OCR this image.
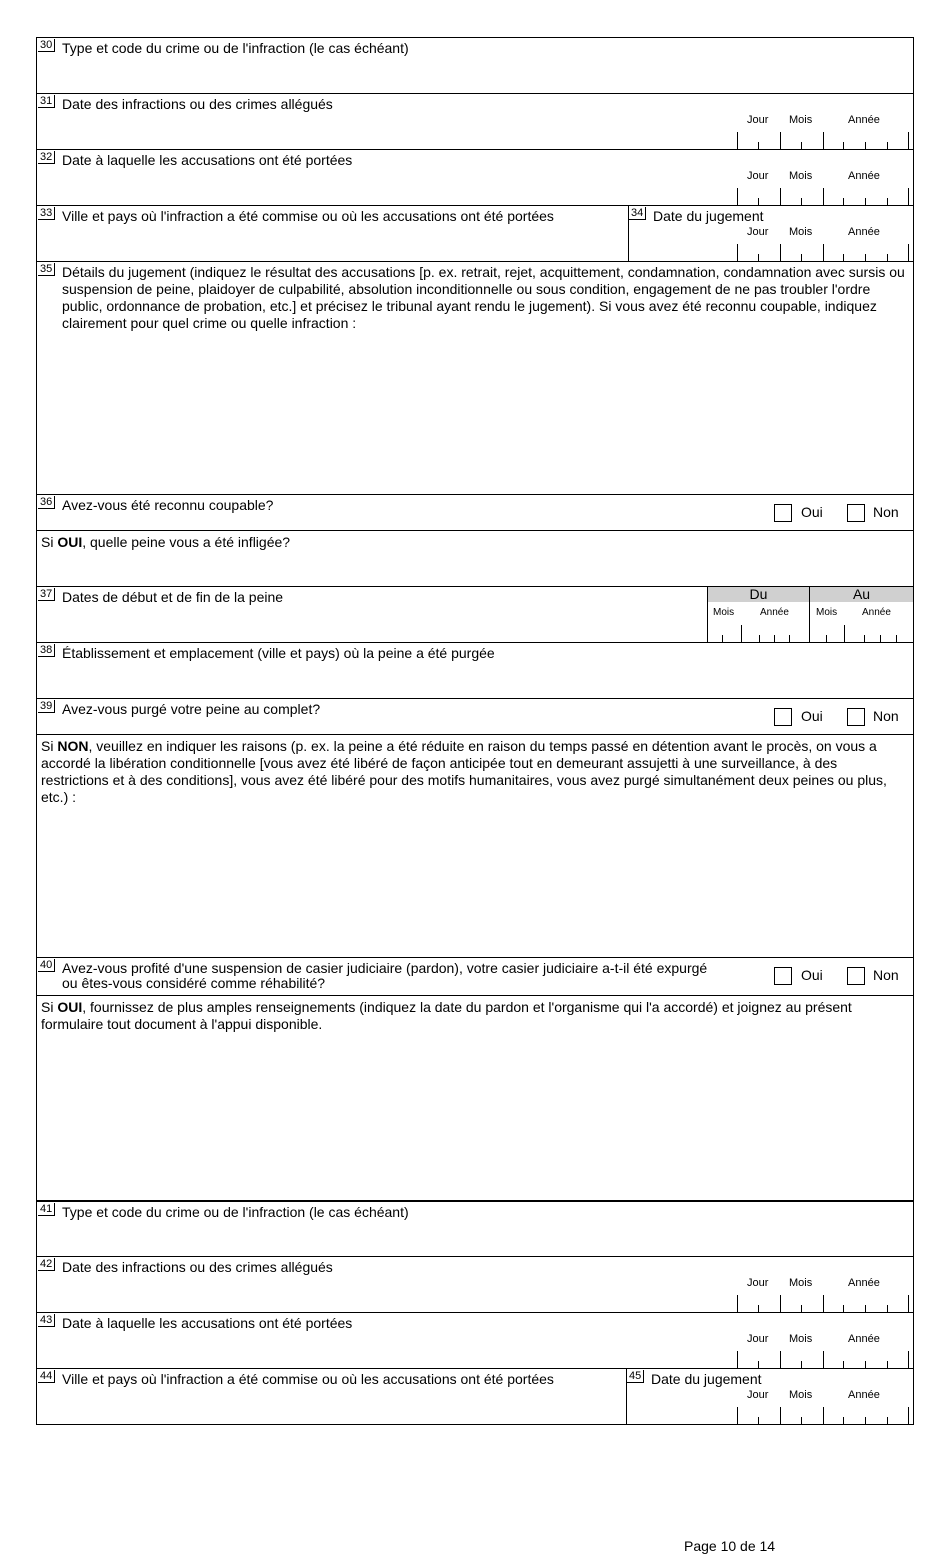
30 Type et code du crime ou de l'infraction (le cas échéant)
31 Date des infractions ou des crimes allégués
Jour Mois	Année
32 Date à laquelle les accusations ont été portées
Jour Mois	Année
33 Ville et pays où l'infraction a été commise ou où les accusations ont été portées	34 Date du jugement
Jour Mois	Année
35 Détails du jugement (indiquez le résultat des accusations [p. ex. retrait, rejet, acquittement, condamnation, condamnation avec sursis ou suspension de peine, plaidoyer de culpabilité, absolution inconditionnelle ou sous condition, engagement de ne pas troubler l'ordre public, ordonnance de probation, etc.] et précisez le tribunal ayant rendu le jugement). Si vous avez été reconnu coupable, indiquez clairement pour quel crime ou quelle infraction :
36 Avez-vous été reconnu coupable?	Oui	Non
Si OUI, quelle peine vous a été infligée?
37 Dates de début et de fin de la peine	Du	Au
Mois	Année	Mois Année
38 Établissement et emplacement (ville et pays) où la peine a été purgée
39 Avez-vous purgé votre peine au complet?	Oui	Non
Si NON, veuillez en indiquer les raisons (p. ex. la peine a été réduite en raison du temps passé en détention avant le procès, on vous a accordé la libération conditionnelle [vous avez été libéré de façon anticipée tout en demeurant assujetti à une surveillance, à des restrictions et à des conditions], vous avez été libéré pour des motifs humanitaires, vous avez purgé simultanément deux peines ou plus, etc.) :
40 Avez-vous profité d'une suspension de casier judiciaire (pardon), votre casier judiciaire a-t-il été expurgé ou êtes-vous considéré comme réhabilité?	Oui	Non
Si OUI, fournissez de plus amples renseignements (indiquez la date du pardon et l'organisme qui l'a accordé) et joignez au présent formulaire tout document à l'appui disponible.
41 Type et code du crime ou de l'infraction (le cas échéant)
42 Date des infractions ou des crimes allégués
Jour Mois	Année
43 Date à laquelle les accusations ont été portées
Jour Mois	Année
44 Ville et pays où l'infraction a été commise ou où les accusations ont été portées	45 Date du jugement
Jour Mois	Année
Page 10 de 14
